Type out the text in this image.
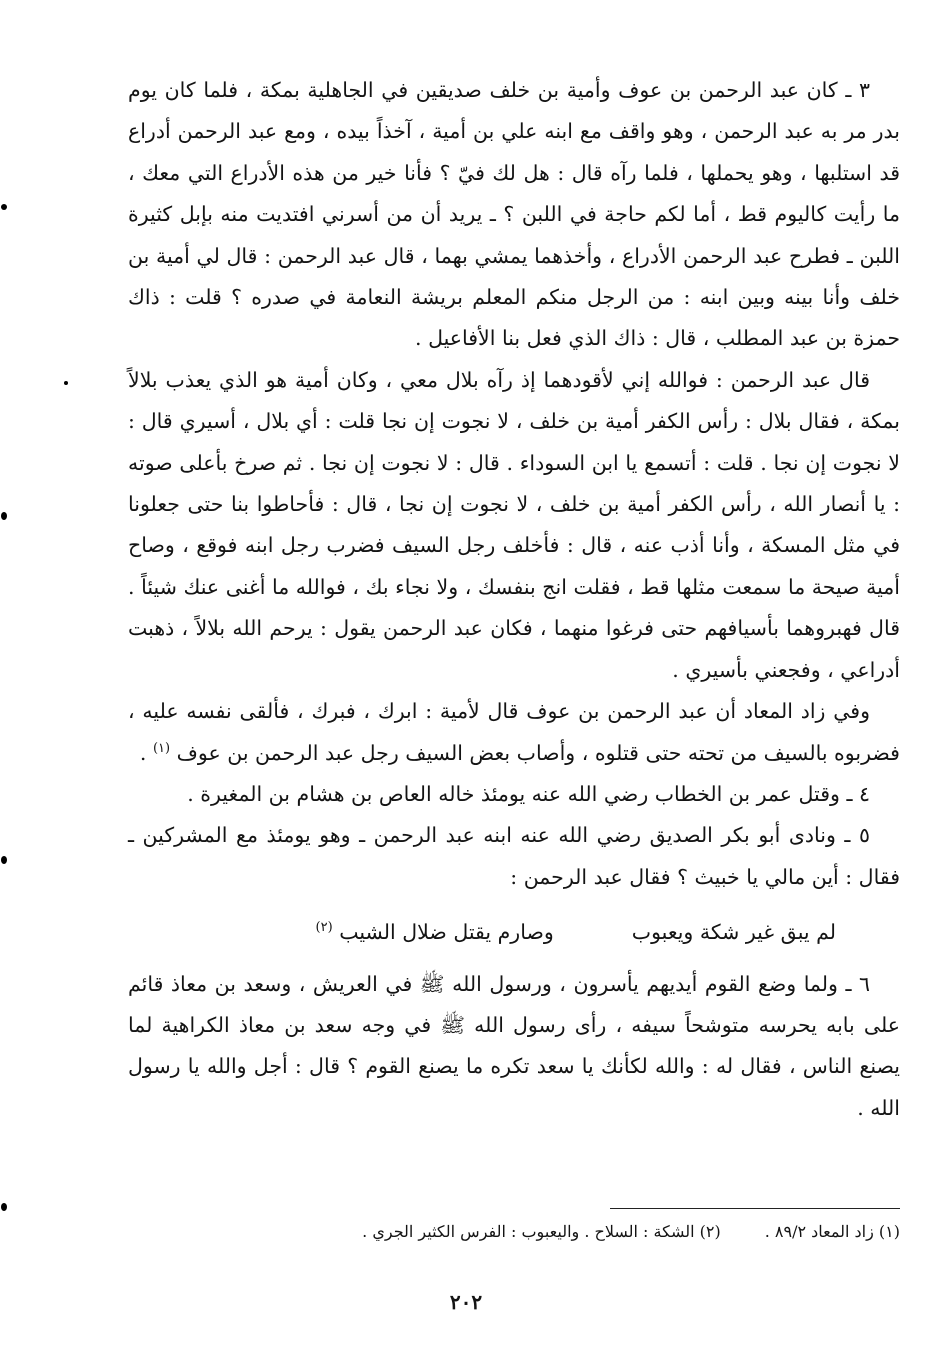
٣ ـ كان عبد الرحمن بن عوف وأمية بن خلف صديقين في الجاهلية بمكة ، فلما كان يوم بدر مر به عبد الرحمن ، وهو واقف مع ابنه علي بن أمية ، آخذاً بيده ، ومع عبد الرحمن أدراع قد استلبها ، وهو يحملها ، فلما رآه قال : هل لك فيّ ؟ فأنا خير من هذه الأدراع التي معك ، ما رأيت كاليوم قط ، أما لكم حاجة في اللبن ؟ ـ يريد أن من أسرني افتديت منه بإبل كثيرة اللبن ـ فطرح عبد الرحمن الأدراع ، وأخذهما يمشي بهما ، قال عبد الرحمن : قال لي أمية بن خلف وأنا بينه وبين ابنه : من الرجل منكم المعلم بريشة النعامة في صدره ؟ قلت : ذاك حمزة بن عبد المطلب ، قال : ذاك الذي فعل بنا الأفاعيل .

قال عبد الرحمن : فوالله إني لأقودهما إذ رآه بلال معي ، وكان أمية هو الذي يعذب بلالاً بمكة ، فقال بلال : رأس الكفر أمية بن خلف ، لا نجوت إن نجا قلت : أي بلال ، أسيري قال : لا نجوت إن نجا . قلت : أتسمع يا ابن السوداء . قال : لا نجوت إن نجا . ثم صرخ بأعلى صوته : يا أنصار الله ، رأس الكفر أمية بن خلف ، لا نجوت إن نجا ، قال : فأحاطوا بنا حتى جعلونا في مثل المسكة ، وأنا أذب عنه ، قال : فأخلف رجل السيف فضرب رجل ابنه فوقع ، وصاح أمية صيحة ما سمعت مثلها قط ، فقلت انج بنفسك ، ولا نجاء بك ، فوالله ما أغنى عنك شيئاً . قال فهبروهما بأسيافهم حتى فرغوا منهما ، فكان عبد الرحمن يقول : يرحم الله بلالاً ، ذهبت أدراعي ، وفجعني بأسيري .

وفي زاد المعاد أن عبد الرحمن بن عوف قال لأمية : ابرك ، فبرك ، فألقى نفسه عليه ، فضربوه بالسيف من تحته حتى قتلوه ، وأصاب بعض السيف رجل عبد الرحمن بن عوف $^{(١)}$ .

٤ ـ وقتل عمر بن الخطاب رضي الله عنه يومئذ خاله العاص بن هشام بن المغيرة .

٥ ـ ونادى أبو بكر الصديق رضي الله عنه ابنه عبد الرحمن ـ وهو يومئذ مع المشركين ـ فقال : أين مالي يا خبيث ؟ فقال عبد الرحمن :

لم يبق غير شكة ويعبوب
وصارم يقتل ضلال الشيب $^{(٢)}$

٦ ـ ولما وضع القوم أيديهم يأسرون ، ورسول الله ﷺ في العريش ، وسعد بن معاذ قائم على بابه يحرسه متوشحاً سيفه ، رأى رسول الله ﷺ في وجه سعد بن معاذ الكراهية لما يصنع الناس ، فقال له : والله لكأنك يا سعد تكره ما يصنع القوم ؟ قال : أجل والله يا رسول الله .

(١) زاد المعاد ٨٩/٢ .
(٢) الشكة : السلاح . واليعبوب : الفرس الكثير الجري .
٢٠٢
